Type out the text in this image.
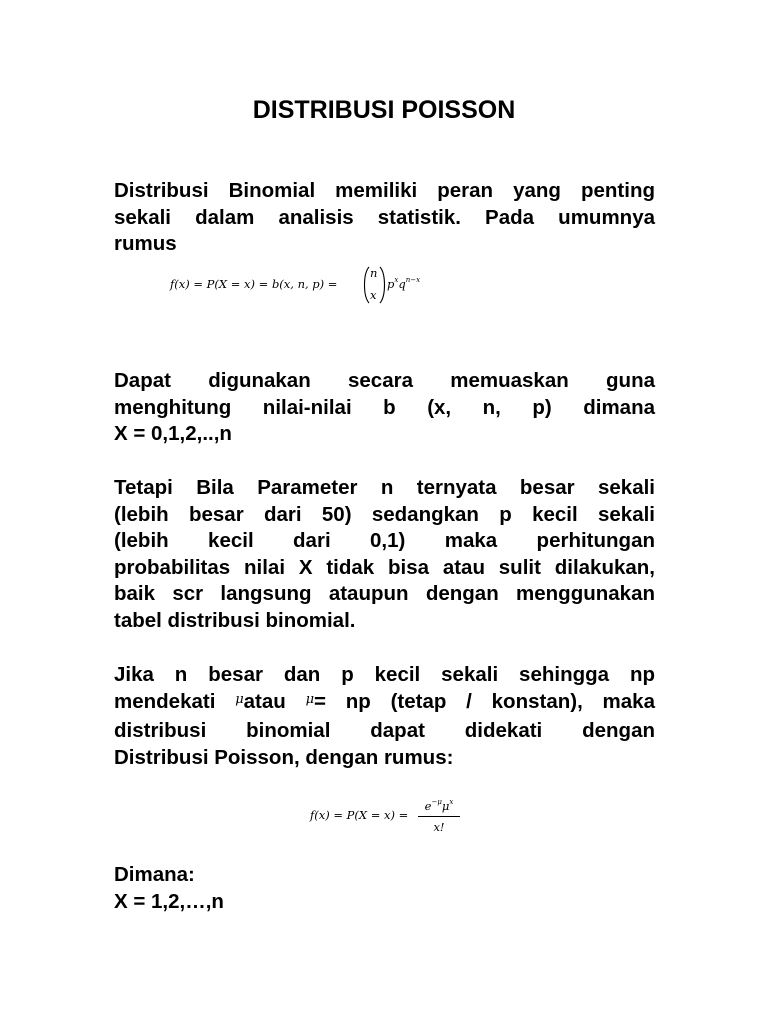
DISTRIBUSI POISSON
Distribusi Binomial memiliki peran yang penting
sekali dalam analisis statistik. Pada umumnya
rumus
f(x) = P(X = x) = b(x, n, p) =
n
x
$p^xq^{n-x}$
Dapat digunakan secara memuaskan guna
menghitung nilai-nilai b (x, n, p) dimana
X = 0,1,2,..,n
Tetapi Bila Parameter n ternyata besar sekali
(lebih besar dari 50) sedangkan p kecil sekali
(lebih kecil dari 0,1) maka perhitungan
probabilitas nilai X tidak bisa atau sulit dilakukan,
baik scr langsung ataupun dengan menggunakan
tabel distribusi binomial.
Jika n besar dan p kecil sekali sehingga np
mendekati $^\mu$atau $^\mu$= np (tetap / konstan), maka
distribusi binomial dapat didekati dengan
Distribusi Poisson, dengan rumus:
f(x) = P(X = x) =
$e^{-\mu}\mu^x$
x!
Dimana:
X = 1,2,…,n
